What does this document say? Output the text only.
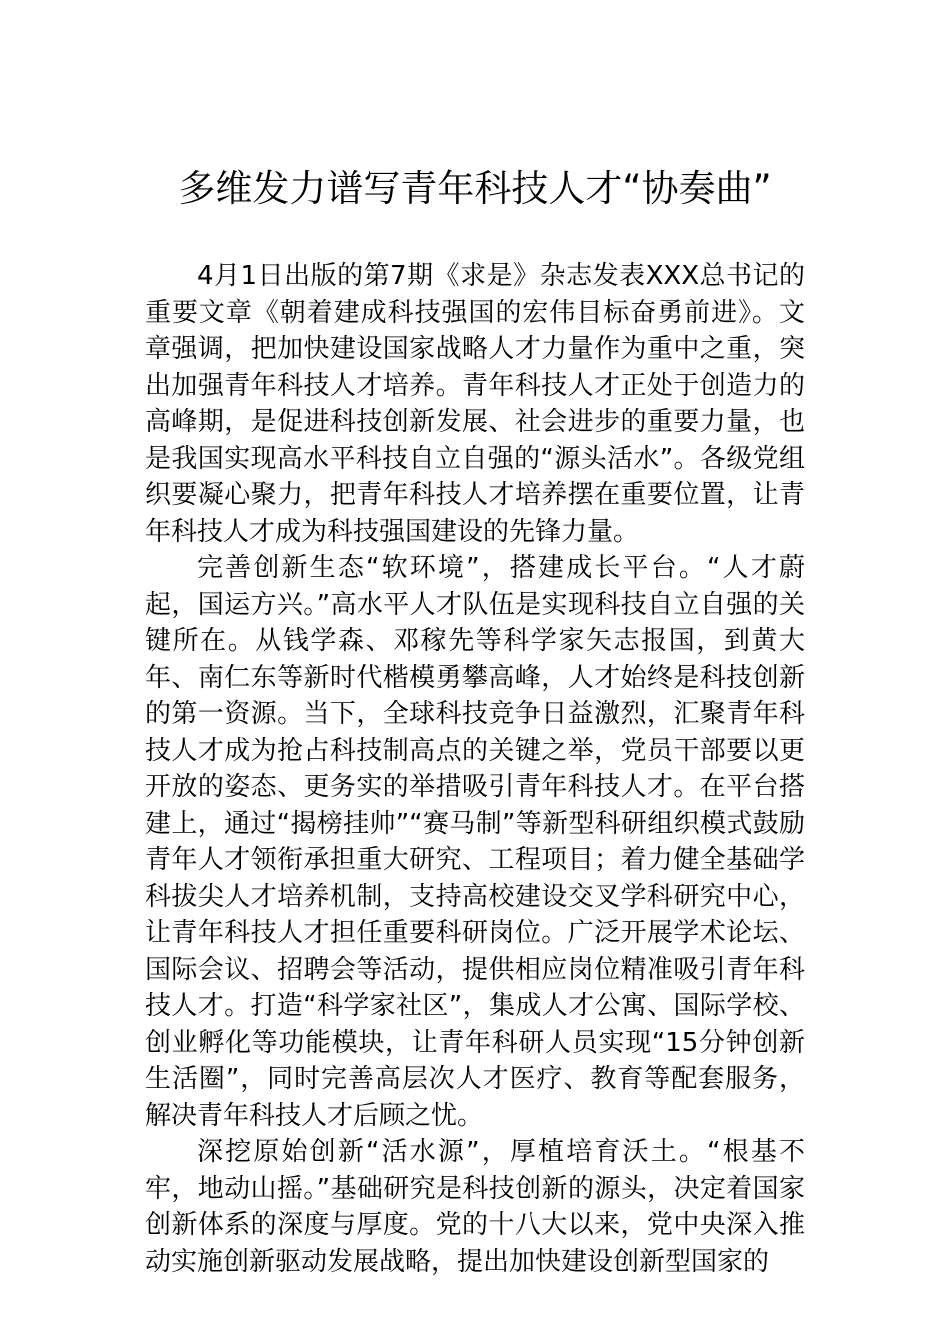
多维发力谱写青年科技人才“协奏曲”

4月1日出版的第7期《求是》杂志发表XXX总书记的重要文章《朝着建成科技强国的宏伟目标奋勇前进》。文章强调，把加快建设国家战略人才力量作为重中之重，突出加强青年科技人才培养。青年科技人才正处于创造力的高峰期，是促进科技创新发展、社会进步的重要力量，也是我国实现高水平科技自立自强的“源头活水”。各级党组织要凝心聚力，把青年科技人才培养摆在重要位置，让青年科技人才成为科技强国建设的先锋力量。

完善创新生态“软环境”，搭建成长平台。“人才蔚起，国运方兴。”高水平人才队伍是实现科技自立自强的关键所在。从钱学森、邓稼先等科学家矢志报国，到黄大年、南仁东等新时代楷模勇攀高峰，人才始终是科技创新的第一资源。当下，全球科技竞争日益激烈，汇聚青年科技人才成为抢占科技制高点的关键之举，党员干部要以更开放的姿态、更务实的举措吸引青年科技人才。在平台搭建上，通过“揭榜挂帅”“赛马制”等新型科研组织模式鼓励青年人才领衔承担重大研究、工程项目；着力健全基础学科拔尖人才培养机制，支持高校建设交叉学科研究中心，让青年科技人才担任重要科研岗位。广泛开展学术论坛、国际会议、招聘会等活动，提供相应岗位精准吸引青年科技人才。打造“科学家社区”，集成人才公寓、国际学校、创业孵化等功能模块，让青年科研人员实现“15分钟创新生活圈”，同时完善高层次人才医疗、教育等配套服务，解决青年科技人才后顾之忧。

深挖原始创新“活水源”，厚植培育沃土。“根基不牢，地动山摇。”基础研究是科技创新的源头，决定着国家创新体系的深度与厚度。党的十八大以来，党中央深入推动实施创新驱动发展战略，提出加快建设创新型国家的
